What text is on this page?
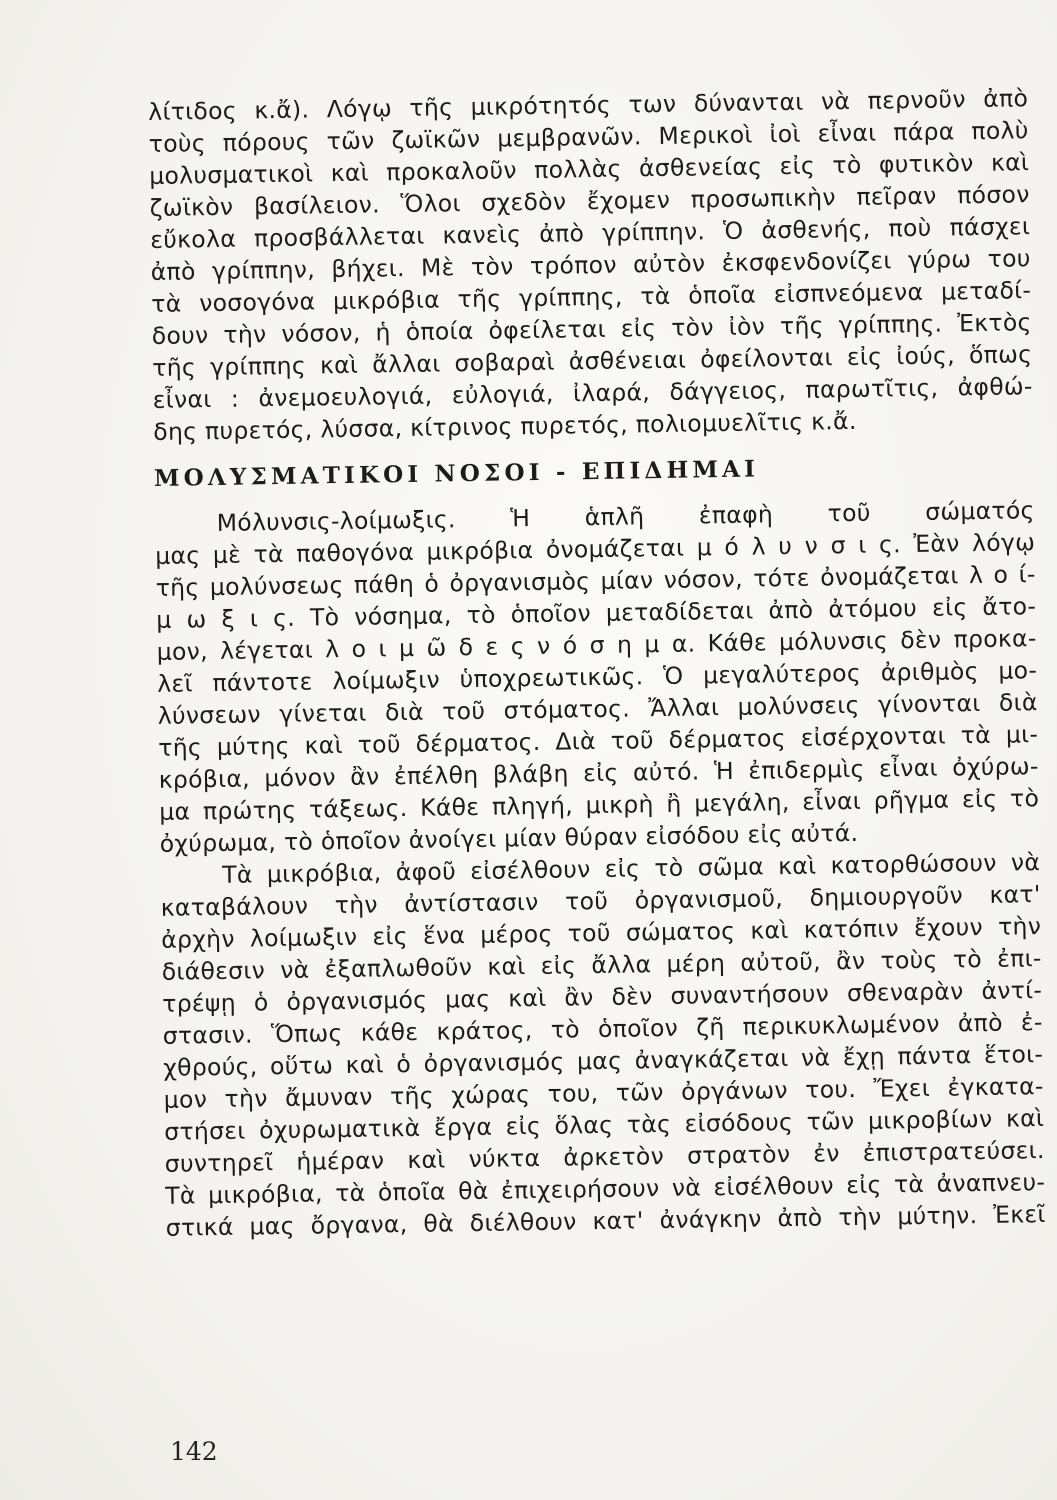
λίτιδος κ.ἄ). Λόγῳ τῆς μικρότητός των δύνανται νὰ περνοῦν ἀπὸ
τοὺς πόρους τῶν ζωϊκῶν μεμβρανῶν. Μερικοὶ ἰοὶ εἶναι πάρα πολὺ
μολυσματικοὶ καὶ προκαλοῦν πολλὰς ἀσθενείας εἰς τὸ φυτικὸν καὶ
ζωϊκὸν βασίλειον. Ὅλοι σχεδὸν ἔχομεν προσωπικὴν πεῖραν πόσον
εὔκολα προσβάλλεται κανεὶς ἀπὸ γρίππην. Ὁ ἀσθενής, ποὺ πάσχει
ἀπὸ γρίππην, βήχει. Μὲ τὸν τρόπον αὐτὸν ἐκσφενδονίζει γύρω του
τὰ νοσογόνα μικρόβια τῆς γρίππης, τὰ ὁποῖα εἰσπνεόμενα μεταδί-
δουν τὴν νόσον, ἡ ὁποία ὀφείλεται εἰς τὸν ἰὸν τῆς γρίππης. Ἐκτὸς
τῆς γρίππης καὶ ἄλλαι σοβαραὶ ἀσθένειαι ὀφείλονται εἰς ἰούς, ὅπως
εἶναι : ἀνεμοευλογιά, εὐλογιά, ἰλαρά, δάγγειος, παρωτῖτις, ἀφθώ-
δης πυρετός, λύσσα, κίτρινος πυρετός, πολιομυελῖτις κ.ἄ.
ΜΟΛΥΣΜΑΤΙΚΟΙ ΝΟΣΟΙ - ΕΠΙΔΗΜΑΙ
Μόλυνσις-λοίμωξις. Ἡ ἁπλῆ ἐπαφὴ τοῦ σώματός
μας μὲ τὰ παθογόνα μικρόβια ὀνομάζεται μ ό λ υ ν σ ι ς. Ἐὰν λόγῳ
τῆς μολύνσεως πάθη ὁ ὀργανισμὸς μίαν νόσον, τότε ὀνομάζεται λ ο ί-
μ ω ξ ι ς. Τὸ νόσημα, τὸ ὁποῖον μεταδίδεται ἀπὸ ἀτόμου εἰς ἄτο-
μον, λέγεται λ ο ι μ ῶ δ ε ς ν ό σ η μ α. Κάθε μόλυνσις δὲν προκα-
λεῖ πάντοτε λοίμωξιν ὑποχρεωτικῶς. Ὁ μεγαλύτερος ἀριθμὸς μο-
λύνσεων γίνεται διὰ τοῦ στόματος. Ἄλλαι μολύνσεις γίνονται διὰ
τῆς μύτης καὶ τοῦ δέρματος. Διὰ τοῦ δέρματος εἰσέρχονται τὰ μι-
κρόβια, μόνον ἂν ἐπέλθη βλάβη εἰς αὐτό. Ἡ ἐπιδερμὶς εἶναι ὀχύρω-
μα πρώτης τάξεως. Κάθε πληγή, μικρὴ ἢ μεγάλη, εἶναι ρῆγμα εἰς τὸ
ὀχύρωμα, τὸ ὁποῖον ἀνοίγει μίαν θύραν εἰσόδου εἰς αὐτά.
Τὰ μικρόβια, ἀφοῦ εἰσέλθουν εἰς τὸ σῶμα καὶ κατορθώσουν νὰ
καταβάλουν τὴν ἀντίστασιν τοῦ ὀργανισμοῦ, δημιουργοῦν κατ'
ἀρχὴν λοίμωξιν εἰς ἕνα μέρος τοῦ σώματος καὶ κατόπιν ἔχουν τὴν
διάθεσιν νὰ ἐξαπλωθοῦν καὶ εἰς ἄλλα μέρη αὐτοῦ, ἂν τοὺς τὸ ἐπι-
τρέψῃ ὁ ὀργανισμός μας καὶ ἂν δὲν συναντήσουν σθεναρὰν ἀντί-
στασιν. Ὅπως κάθε κράτος, τὸ ὁποῖον ζῆ περικυκλωμένον ἀπὸ ἐ-
χθρούς, οὕτω καὶ ὁ ὀργανισμός μας ἀναγκάζεται νὰ ἔχῃ πάντα ἕτοι-
μον τὴν ἄμυναν τῆς χώρας του, τῶν ὀργάνων του. Ἔχει ἐγκατα-
στήσει ὀχυρωματικὰ ἔργα εἰς ὅλας τὰς εἰσόδους τῶν μικροβίων καὶ
συντηρεῖ ἡμέραν καὶ νύκτα ἀρκετὸν στρατὸν ἐν ἐπιστρατεύσει.
Τὰ μικρόβια, τὰ ὁποῖα θὰ ἐπιχειρήσουν νὰ εἰσέλθουν εἰς τὰ ἀναπνευ-
στικά μας ὄργανα, θὰ διέλθουν κατ' ἀνάγκην ἀπὸ τὴν μύτην. Ἐκεῖ
142
